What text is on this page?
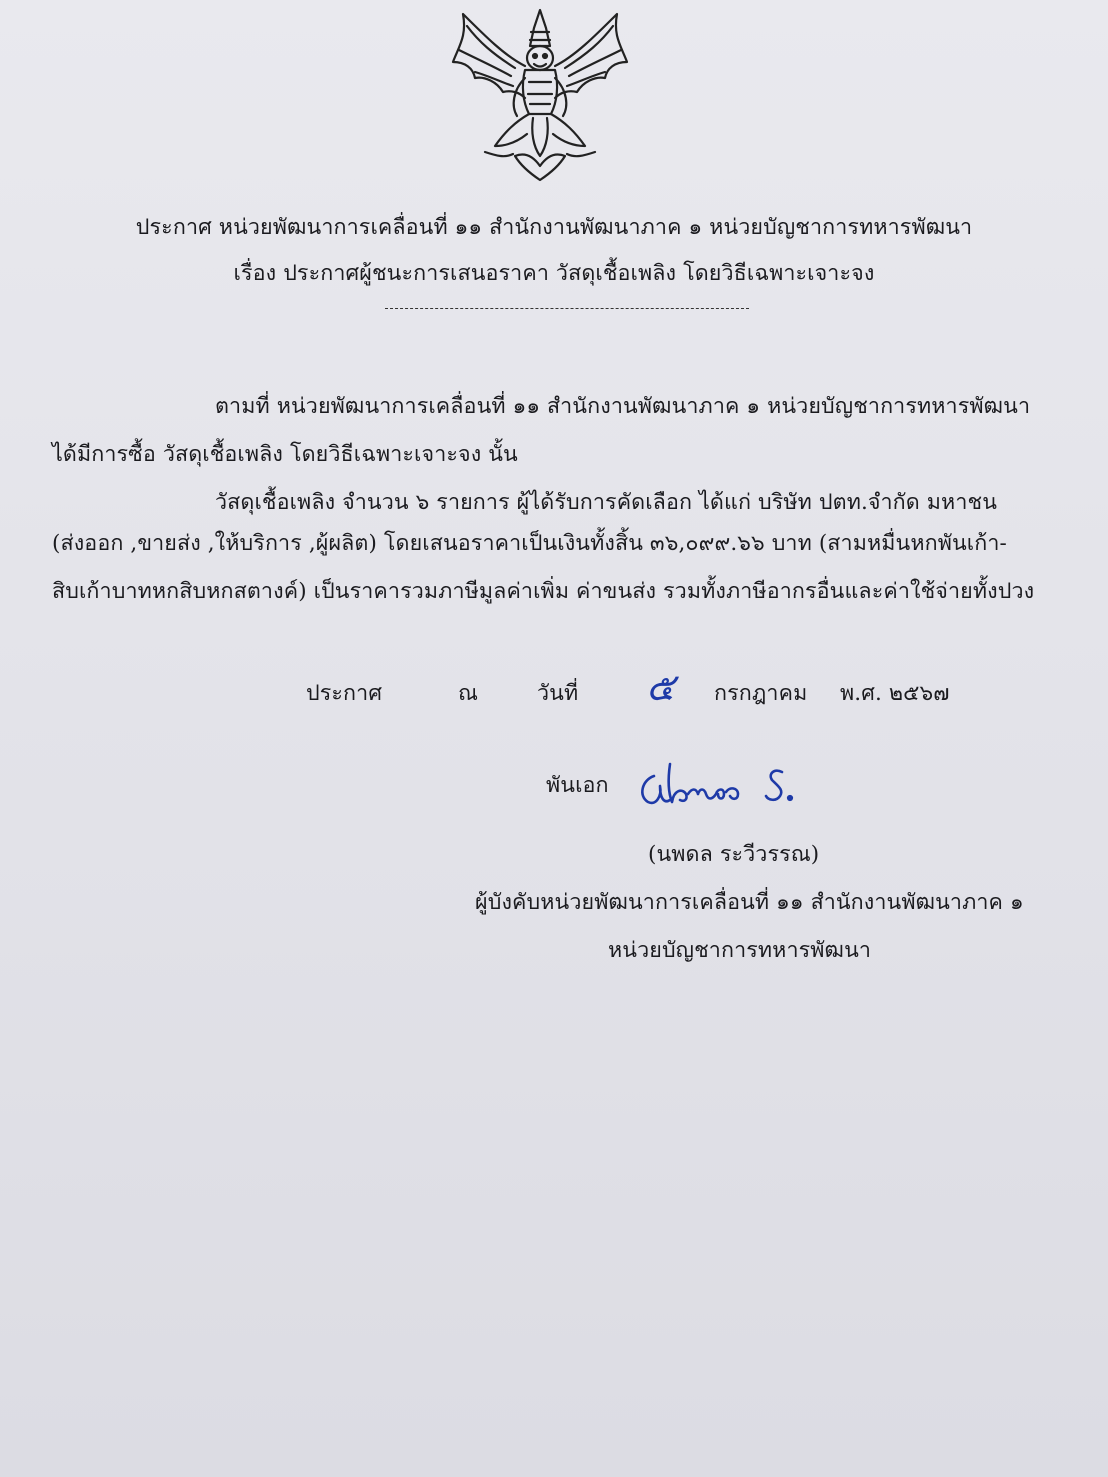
ประกาศ หน่วยพัฒนาการเคลื่อนที่ ๑๑ สำนักงานพัฒนาภาค ๑ หน่วยบัญชาการทหารพัฒนา
เรื่อง ประกาศผู้ชนะการเสนอราคา วัสดุเชื้อเพลิง โดยวิธีเฉพาะเจาะจง
ตามที่ หน่วยพัฒนาการเคลื่อนที่ ๑๑ สำนักงานพัฒนาภาค ๑ หน่วยบัญชาการทหารพัฒนา
ได้มีการซื้อ วัสดุเชื้อเพลิง โดยวิธีเฉพาะเจาะจง นั้น
วัสดุเชื้อเพลิง จำนวน ๖ รายการ ผู้ได้รับการคัดเลือก ได้แก่ บริษัท ปตท.จำกัด มหาชน
(ส่งออก ,ขายส่ง ,ให้บริการ ,ผู้ผลิต) โดยเสนอราคาเป็นเงินทั้งสิ้น ๓๖,๐๙๙.๖๖ บาท (สามหมื่นหกพันเก้า-
สิบเก้าบาทหกสิบหกสตางค์) เป็นราคารวมภาษีมูลค่าเพิ่ม ค่าขนส่ง รวมทั้งภาษีอากรอื่นและค่าใช้จ่ายทั้งปวง
ประกาศ	ณ	วันที่ ๕ กรกฎาคม พ.ศ. ๒๕๖๗
พันเอก
(นพดล ระวีวรรณ)
ผู้บังคับหน่วยพัฒนาการเคลื่อนที่ ๑๑ สำนักงานพัฒนาภาค ๑
หน่วยบัญชาการทหารพัฒนา
